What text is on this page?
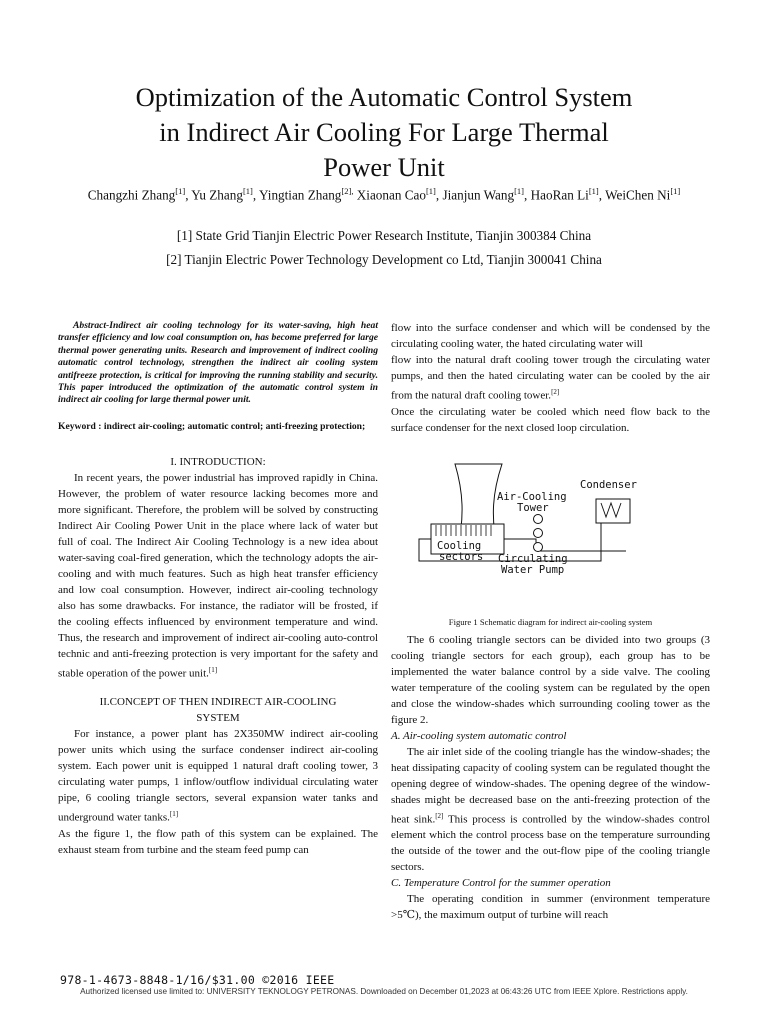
Optimization of the Automatic Control System
in Indirect Air Cooling For Large Thermal
Power Unit
Changzhi Zhang[1], Yu Zhang[1], Yingtian Zhang$^{[2],}$ Xiaonan Cao[1], Jianjun Wang[1], HaoRan Li[1], WeiChen Ni[1]
[1] State Grid Tianjin Electric Power Research Institute, Tianjin 300384 China
[2] Tianjin Electric Power Technology Development co Ltd, Tianjin 300041 China

Abstract-Indirect air cooling technology for its water-saving, high heat transfer efficiency and low coal consumption on, has become preferred for large thermal power generating units. Research and improvement of indirect cooling automatic control technology, strengthen the indirect air cooling system antifreeze protection, is critical for improving the running stability and security. This paper introduced the optimization of the automatic control system in indirect air cooling for large thermal power unit.

Keyword : indirect air-cooling; automatic control; anti-freezing protection;

I. INTRODUCTION:

In recent years, the power industrial has improved rapidly in China. However, the problem of water resource lacking becomes more and more significant. Therefore, the problem will be solved by constructing Indirect Air Cooling Power Unit in the place where lack of water but full of coal. The Indirect Air Cooling Technology is a new idea about water-saving coal-fired generation, which the technology adopts the air-cooling and with much features. Such as high heat transfer efficiency and low coal consumption. However, indirect air-cooling technology also has some drawbacks. For instance, the radiator will be frosted, if the cooling effects influenced by environment temperature and wind. Thus, the research and improvement of indirect air-cooling auto-control technic and anti-freezing protection is very important for the safety and stable operation of the power unit.[1]

II.CONCEPT OF THEN INDIRECT AIR-COOLING
SYSTEM

For instance, a power plant has 2X350MW indirect air-cooling power units which using the surface condenser indirect air-cooling system. Each power unit is equipped 1 natural draft cooling tower, 3 circulating water pumps, 1 inflow/outflow individual circulating water pipe, 6 cooling triangle sectors, several expansion water tanks and underground water tanks.[1]

As the figure 1, the flow path of this system can be explained. The exhaust steam from turbine and the steam feed pump can

flow into the surface condenser and which will be condensed by the circulating cooling water, the hated circulating water will

flow into the natural draft cooling tower trough the circulating water pumps, and then the hated circulating water can be cooled by the air from the natural draft cooling tower.[2]

Once the circulating water be cooled which need flow back to the surface condenser for the next closed loop circulation.

Condenser
Air-Cooling
Tower
Cooling
sectors Circulating
Water Pump

Figure 1 Schematic diagram for indirect air-cooling system

The 6 cooling triangle sectors can be divided into two groups (3 cooling triangle sectors for each group), each group has to be implemented the water balance control by a side valve. The cooling water temperature of the cooling system can be regulated by the open and close the window-shades which surrounding cooling tower as the figure 2.

A. Air-cooling system automatic control

The air inlet side of the cooling triangle has the window-shades; the heat dissipating capacity of cooling system can be regulated thought the opening degree of window-shades. The opening degree of the window-shades might be decreased base on the anti-freezing protection of the heat sink.[2] This process is controlled by the window-shades control element which the control process base on the temperature surrounding the outside of the tower and the out-flow pipe of the cooling triangle sectors.

C. Temperature Control for the summer operation

The operating condition in summer (environment temperature >5℃), the maximum output of turbine will reach

978-1-4673-8848-1/16/$31.00 ©2016 IEEE
Authorized licensed use limited to: UNIVERSITY TEKNOLOGY PETRONAS. Downloaded on December 01,2023 at 06:43:26 UTC from IEEE Xplore. Restrictions apply.
